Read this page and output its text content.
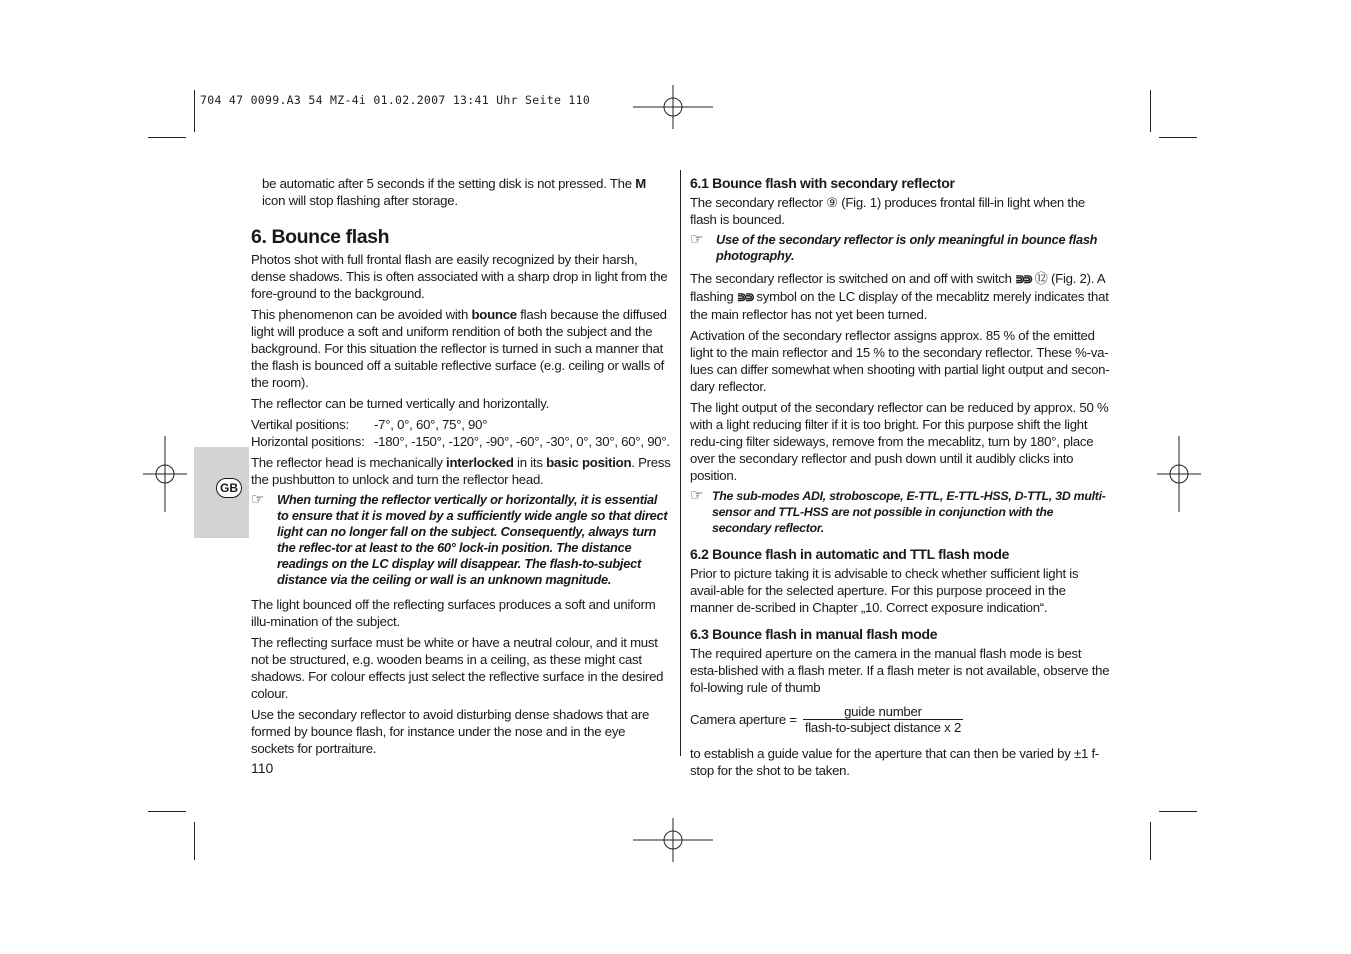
704 47 0099.A3 54 MZ-4i 01.02.2007 13:41 Uhr Seite 110
GB

be automatic after 5 seconds if the setting disk is not pressed. The M icon will stop flashing after storage.

6. Bounce flash

Photos shot with full frontal flash are easily recognized by their harsh, dense shadows. This is often associated with a sharp drop in light from the fore-ground to the background.

This phenomenon can be avoided with bounce flash because the diffused light will produce a soft and uniform rendition of both the subject and the background. For this situation the reflector is turned in such a manner that the flash is bounced off a suitable reflective surface (e.g. ceiling or walls of the room).

The reflector can be turned vertically and horizontally.

Vertikal positions:	-7°, 0°, 60°, 75°, 90°
Horizontal positions: -180°, -150°, -120°, -90°, -60°, -30°, 0°, 30°, 60°, 90°.

The reflector head is mechanically interlocked in its basic position. Press the pushbutton to unlock and turn the reflector head.

☞ When turning the reflector vertically or horizontally, it is essential to ensure that it is moved by a sufficiently wide angle so that direct light can no longer fall on the subject. Consequently, always turn the reflec-tor at least to the 60° lock-in position. The distance readings on the LC display will disappear. The flash-to-subject distance via the ceiling or wall is an unknown magnitude.

The light bounced off the reflecting surfaces produces a soft and uniform illu-mination of the subject.

The reflecting surface must be white or have a neutral colour, and it must not be structured, e.g. wooden beams in a ceiling, as these might cast shadows. For colour effects just select the reflective surface in the desired colour.

Use the secondary reflector to avoid disturbing dense shadows that are formed by bounce flash, for instance under the nose and in the eye sockets for portraiture.

110
6.1 Bounce flash with secondary reflector

The secondary reflector ⑨ (Fig. 1) produces frontal fill-in light when the flash is bounced.

☞ Use of the secondary reflector is only meaningful in bounce flash photography.

The secondary reflector is switched on and off with switch ⋑⋑ ⑫ (Fig. 2). A flashing ⋑⋑ symbol on the LC display of the mecablitz merely indicates that the main reflector has not yet been turned.

Activation of the secondary reflector assigns approx. 85 % of the emitted light to the main reflector and 15 % to the secondary reflector. These %-va-lues can differ somewhat when shooting with partial light output and secon-dary reflector.

The light output of the secondary reflector can be reduced by approx. 50 % with a light reducing filter if it is too bright. For this purpose shift the light redu-cing filter sideways, remove from the mecablitz, turn by 180°, place over the secondary reflector and push down until it audibly clicks into position.

☞ The sub-modes ADI, stroboscope, E-TTL, E-TTL-HSS, D-TTL, 3D multi-sensor and TTL-HSS are not possible in conjunction with the secondary reflector.
6.2 Bounce flash in automatic and TTL flash mode

Prior to picture taking it is advisable to check whether sufficient light is avail-able for the selected aperture. For this purpose proceed in the manner de-scribed in Chapter „10. Correct exposure indication“.

6.3 Bounce flash in manual flash mode

The required aperture on the camera in the manual flash mode is best esta-blished with a flash meter. If a flash meter is not available, observe the fol-lowing rule of thumb

Camera aperture = $\frac{\text{guide number}}{\text{flash-to-subject distance x 2}}$

to establish a guide value for the aperture that can then be varied by ±1 f-stop for the shot to be taken.
